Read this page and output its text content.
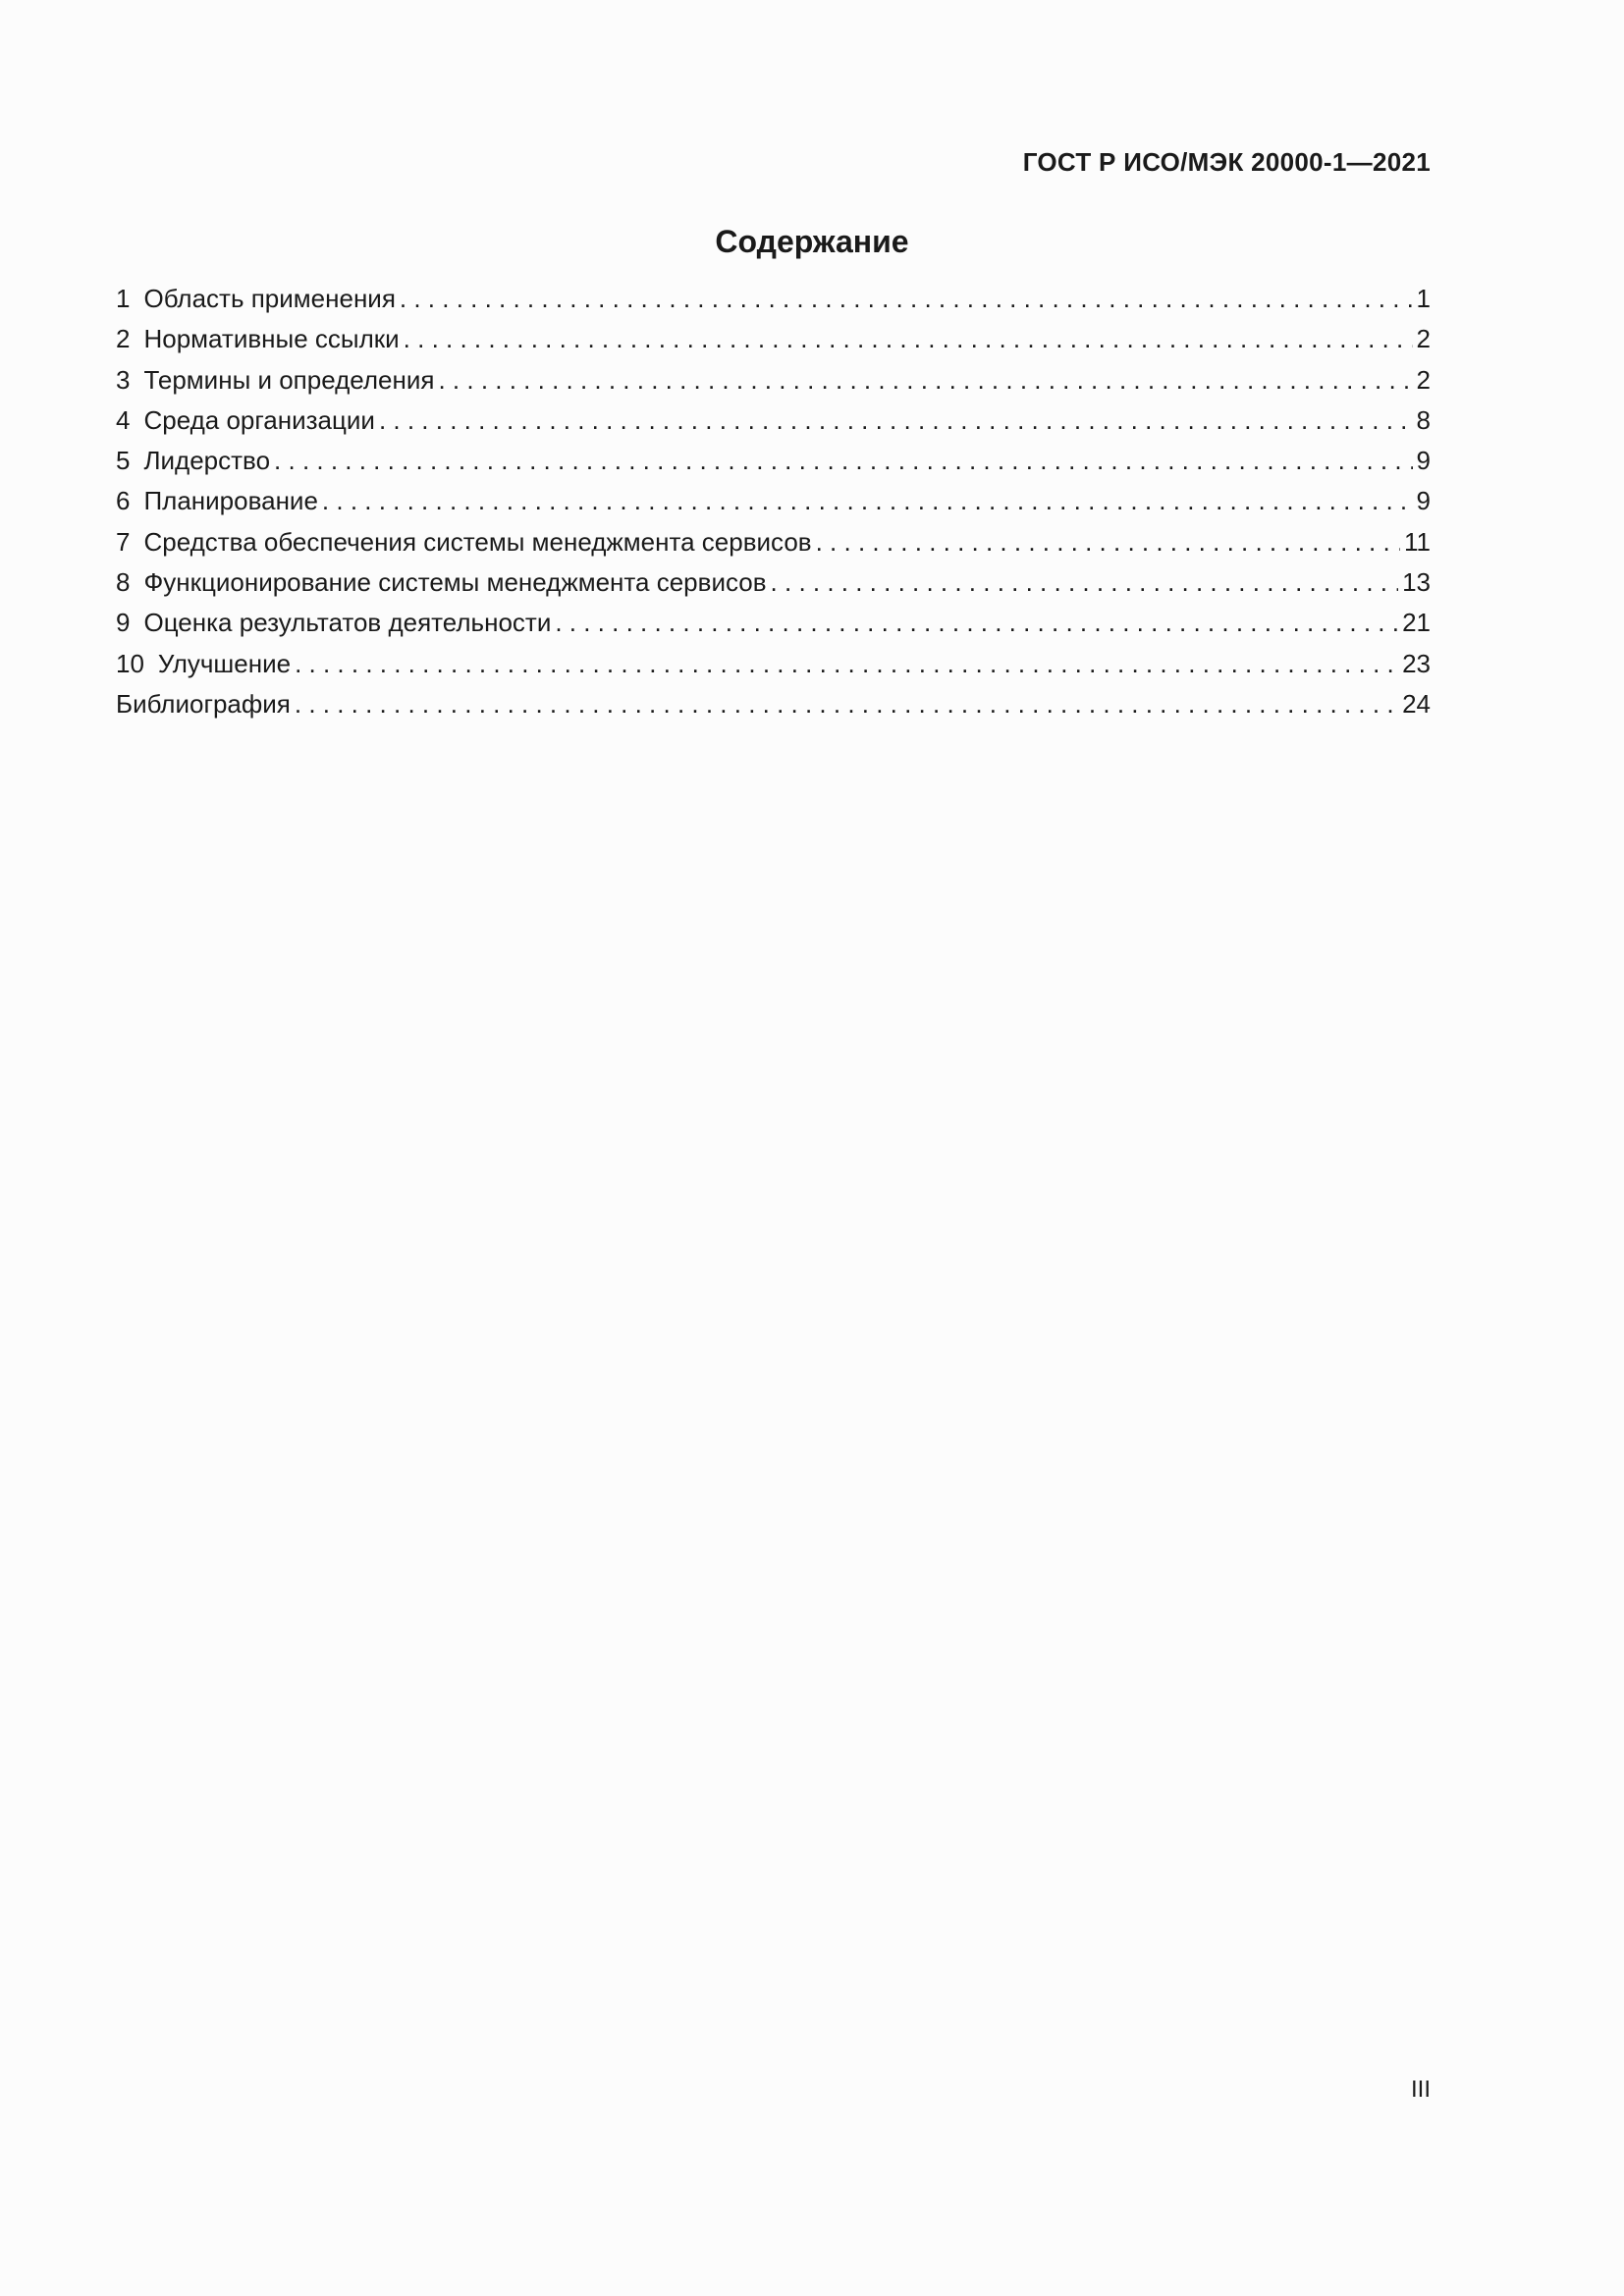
ГОСТ Р ИСО/МЭК 20000-1—2021
Содержание
1 Область применения . . .	1
2 Нормативные ссылки . . .	2
3 Термины и определения . . .	2
4 Среда организации . . .	8
5 Лидерство . . .	9
6 Планирование . . .	9
7 Средства обеспечения системы менеджмента сервисов . . .	11
8 Функционирование системы менеджмента сервисов . . .	13
9 Оценка результатов деятельности . . .	21
10 Улучшение . . .	23
Библиография . . .	24
III
